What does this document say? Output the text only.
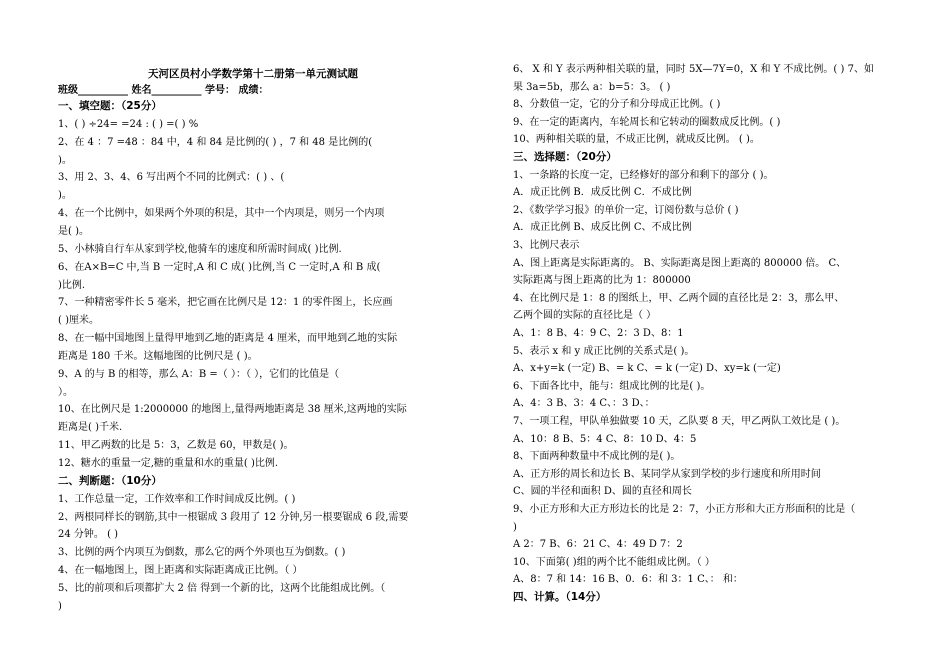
一、填空题：（25分）
1、( ) ÷24= =24 : ( ) =( ) %
2、在 4 ：7 =48 ：84 中，4 和 84 是比例的( ) ，7 和 48 是比例的(
)。
3、用 2、3、4、6 写出两个不同的比例式：( ) 、(
)。
4、在一个比例中，如果两个外项的积是，其中一个内项是，则另一个内项
是( )。
5、小林骑自行车从家到学校,他骑车的速度和所需时间成( )比例.
6、在A×B=C 中,当 B 一定时,A 和 C 成( )比例,当 C 一定时,A 和 B 成(
)比例.
7、一种精密零件长 5 毫米，把它画在比例尺是 12：1 的零件图上，长应画
( )厘米。
8、在一幅中国地图上量得甲地到乙地的距离是 4 厘米，而甲地到乙地的实际
距离是 180 千米。这幅地图的比例尺是 ( )。
9、A 的与 B 的相等，那么 A：B =（ ）：（ ），它们的比值是（
）。
10、在比例尺是 1:2000000 的地图上,量得两地距离是 38 厘米,这两地的实际
距离是( )千米.
11、甲乙两数的比是 5：3，乙数是 60，甲数是( )。
12、糖水的重量一定,糖的重量和水的重量( )比例.
二、判断题：（10分）
1、工作总量一定，工作效率和工作时间成反比例。( )
2、两根同样长的钢筋,其中一根锯成 3 段用了 12 分钟,另一根要锯成 6 段,需要
24 分钟。 ( )
3、比例的两个内项互为倒数，那么它的两个外项也互为倒数。( )
4、在一幅地图上，图上距离和实际距离成正比例。（ ）
5、比的前项和后项都扩大 2 倍 得到一个新的比，这两个比能组成比例。（
)
6、 X 和 Y 表示两种相关联的量，同时 5X—7Y=0，X 和 Y 不成比例。( ) 7、如
果 3a=5b，那么 a：b=5：3。 ( )
8、分数值一定，它的分子和分母成正比例。( )
9、在一定的距离内，车轮周长和它转动的圈数成反比例。( )
10、两种相关联的量，不成正比例，就成反比例。 ( )。
三、选择题：（20分）
1、一条路的长度一定，已经修好的部分和剩下的部分 ( )。
A．成正比例 B．成反比例 C．不成比例
2、《数学学习报》的单价一定，订阅份数与总价 ( )
A．成正比例 B、成反比例 C、不成比例
3、比例尺表示
A、图上距离是实际距离的。 B、实际距离是图上距离的 800000 倍。 C、
实际距离与图上距离的比为 1：800000
4、在比例尺是 1：8 的图纸上，甲、乙两个圆的直径比是 2：3，那么甲、
乙两个圆的实际的直径比是（ ）
A、1：8 B、4：9 C、2：3 D、8：1
5、表示 x 和 y 成正比例的关系式是( )。
A、x+y=k (一定) B、= k C、= k (一定) D、xy=k (一定)
6、下面各比中，能与：组成比例的比是( )。
A、4：3 B、3：4 C、：3 D、：
7、一项工程，甲队单独做要 10 天，乙队要 8 天，甲乙两队工效比是 ( )。
A、10：8 B、5：4 C、8：10 D、4：5
8、下面两种数量中不成比例的是( )。
A、正方形的周长和边长 B、某同学从家到学校的步行速度和所用时间
C、圆的半径和面积 D、圆的直径和周长
9、小正方形和大正方形边长的比是 2：7，小正方形和大正方形面积的比是（
)
A 2：7 B、6：21 C、4：49 D 7：2
10、下面第( )组的两个比不能组成比例。（ ）
A、8：7 和 14：16 B、0．6：和 3：1 C、： 和：
四、计算。（14分）
天河区员村小学数学第十二册第一单元测试题
班级__________ 姓名__________ 学号： 成绩：
